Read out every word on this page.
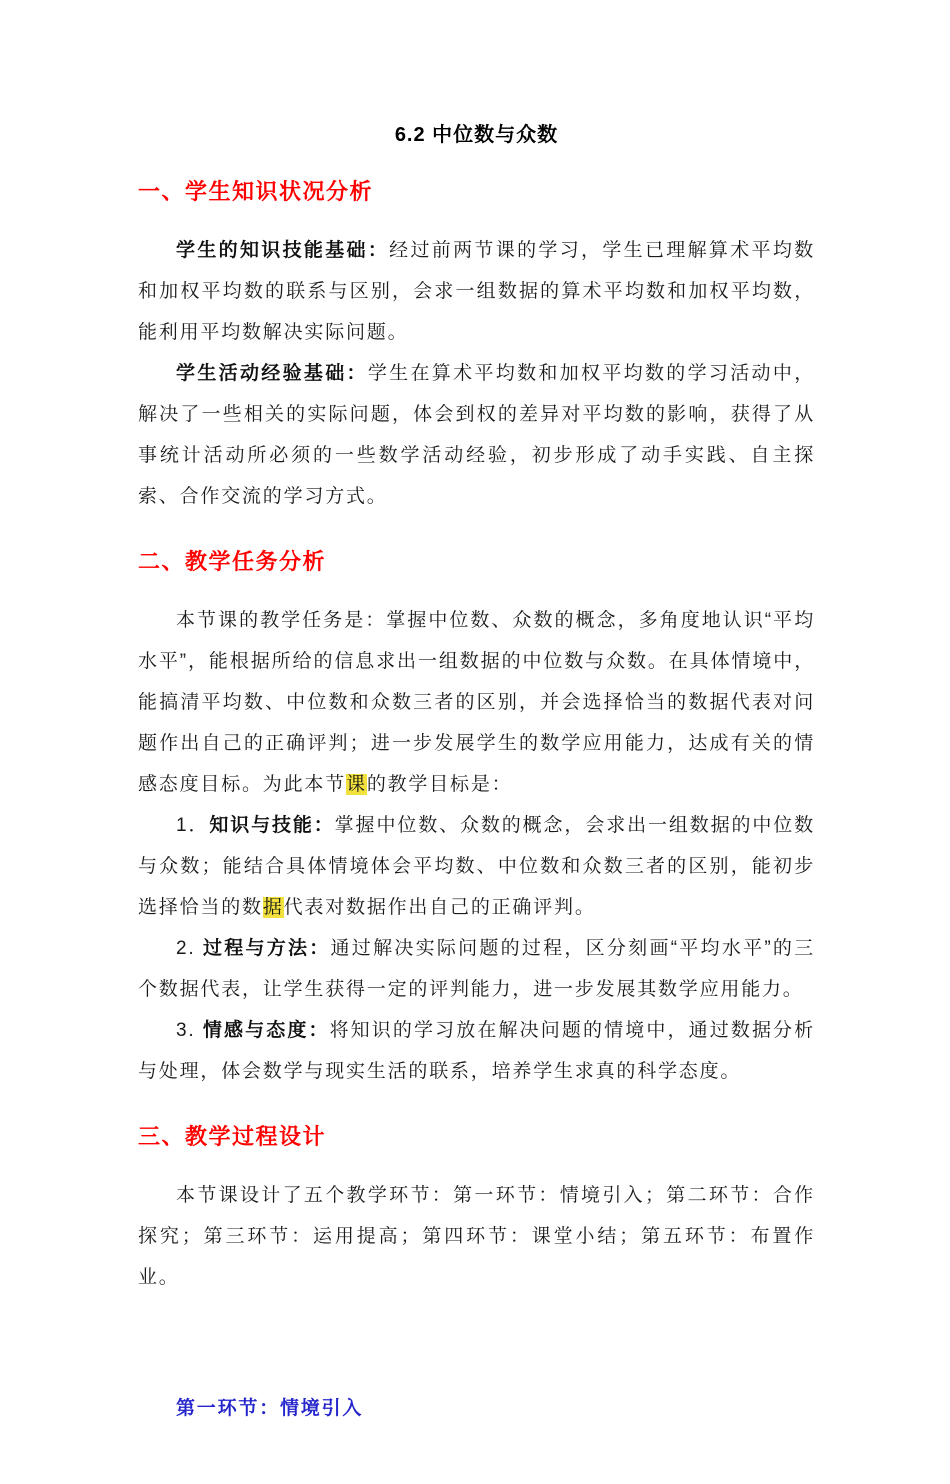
6.2 中位数与众数
一、学生知识状况分析

学生的知识技能基础：经过前两节课的学习，学生已理解算术平均数和加权平均数的联系与区别，会求一组数据的算术平均数和加权平均数，能利用平均数解决实际问题。

学生活动经验基础：学生在算术平均数和加权平均数的学习活动中，解决了一些相关的实际问题，体会到权的差异对平均数的影响，获得了从事统计活动所必须的一些数学活动经验，初步形成了动手实践、自主探索、合作交流的学习方式。

二、教学任务分析

本节课的教学任务是：掌握中位数、众数的概念，多角度地认识“平均水平”，能根据所给的信息求出一组数据的中位数与众数。在具体情境中，能搞清平均数、中位数和众数三者的区别，并会选择恰当的数据代表对问题作出自己的正确评判；进一步发展学生的数学应用能力，达成有关的情感态度目标。为此本节课的教学目标是：

1．知识与技能：掌握中位数、众数的概念，会求出一组数据的中位数与众数；能结合具体情境体会平均数、中位数和众数三者的区别，能初步选择恰当的数据代表对数据作出自己的正确评判。

2. 过程与方法：通过解决实际问题的过程，区分刻画“平均水平”的三个数据代表，让学生获得一定的评判能力，进一步发展其数学应用能力。

3. 情感与态度：将知识的学习放在解决问题的情境中，通过数据分析与处理，体会数学与现实生活的联系，培养学生求真的科学态度。

三、教学过程设计

本节课设计了五个教学环节：第一环节：情境引入；第二环节：合作探究；第三环节：运用提高；第四环节：课堂小结；第五环节：布置作业。

第一环节：情境引入
